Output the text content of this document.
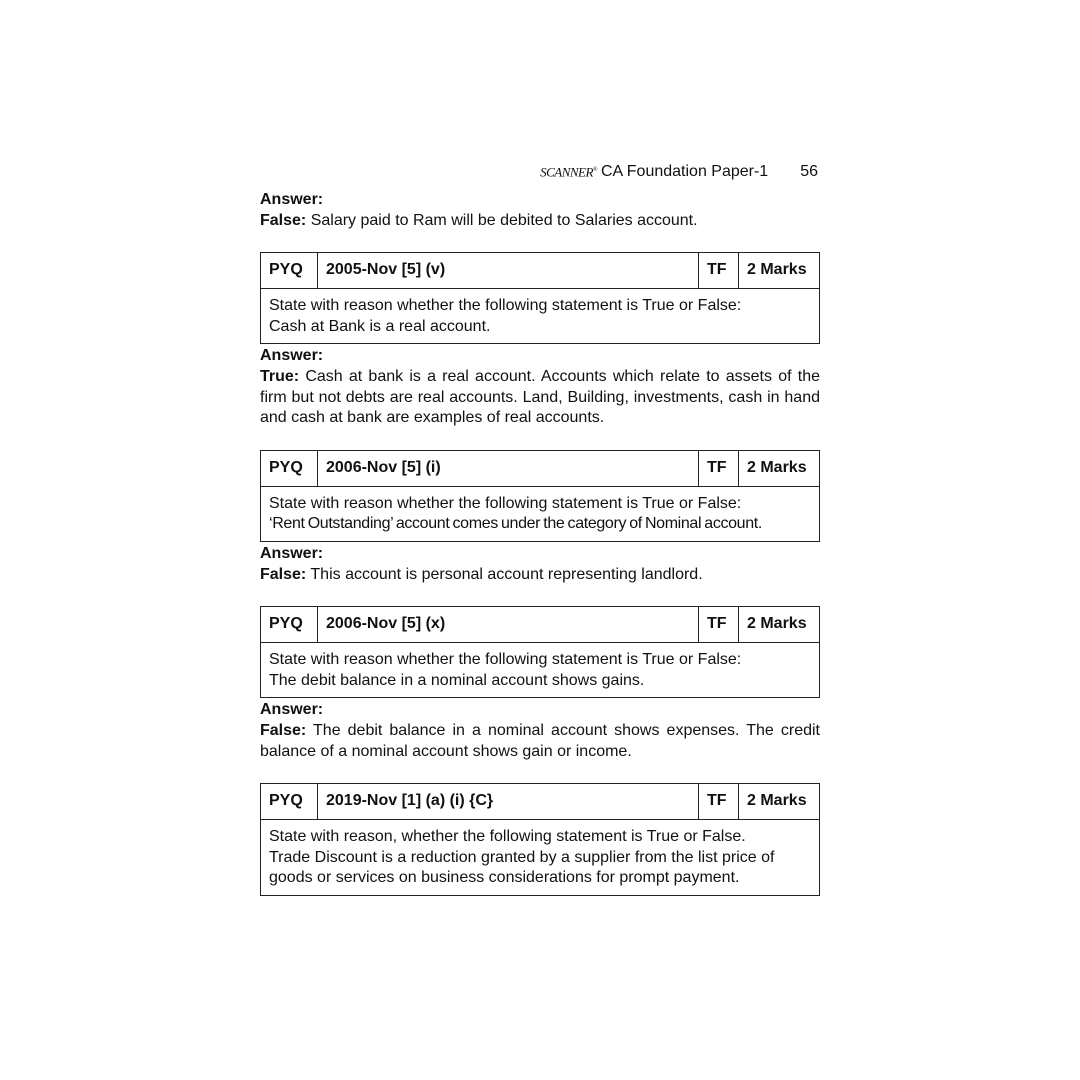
SCANNER® CA Foundation Paper-1 56
Answer:
False: Salary paid to Ram will be debited to Salaries account.
PYQ	2005-Nov [5] (v)	TF	2 Marks

State with reason whether the following statement is True or False:
Cash at Bank is a real account.
Answer:
True: Cash at bank is a real account. Accounts which relate to assets of the firm but not debts are real accounts. Land, Building, investments, cash in hand and cash at bank are examples of real accounts.
PYQ	2006-Nov [5] (i)	TF	2 Marks

State with reason whether the following statement is True or False:
‘Rent Outstanding’ account comes under the category of Nominal account.
Answer:
False: This account is personal account representing landlord.
PYQ	2006-Nov [5] (x)	TF	2 Marks

State with reason whether the following statement is True or False:
The debit balance in a nominal account shows gains.
Answer:
False: The debit balance in a nominal account shows expenses. The credit balance of a nominal account shows gain or income.
PYQ	2019-Nov [1] (a) (i) {C}	TF	2 Marks

State with reason, whether the following statement is True or False.
Trade Discount is a reduction granted by a supplier from the list price of goods or services on business considerations for prompt payment.
